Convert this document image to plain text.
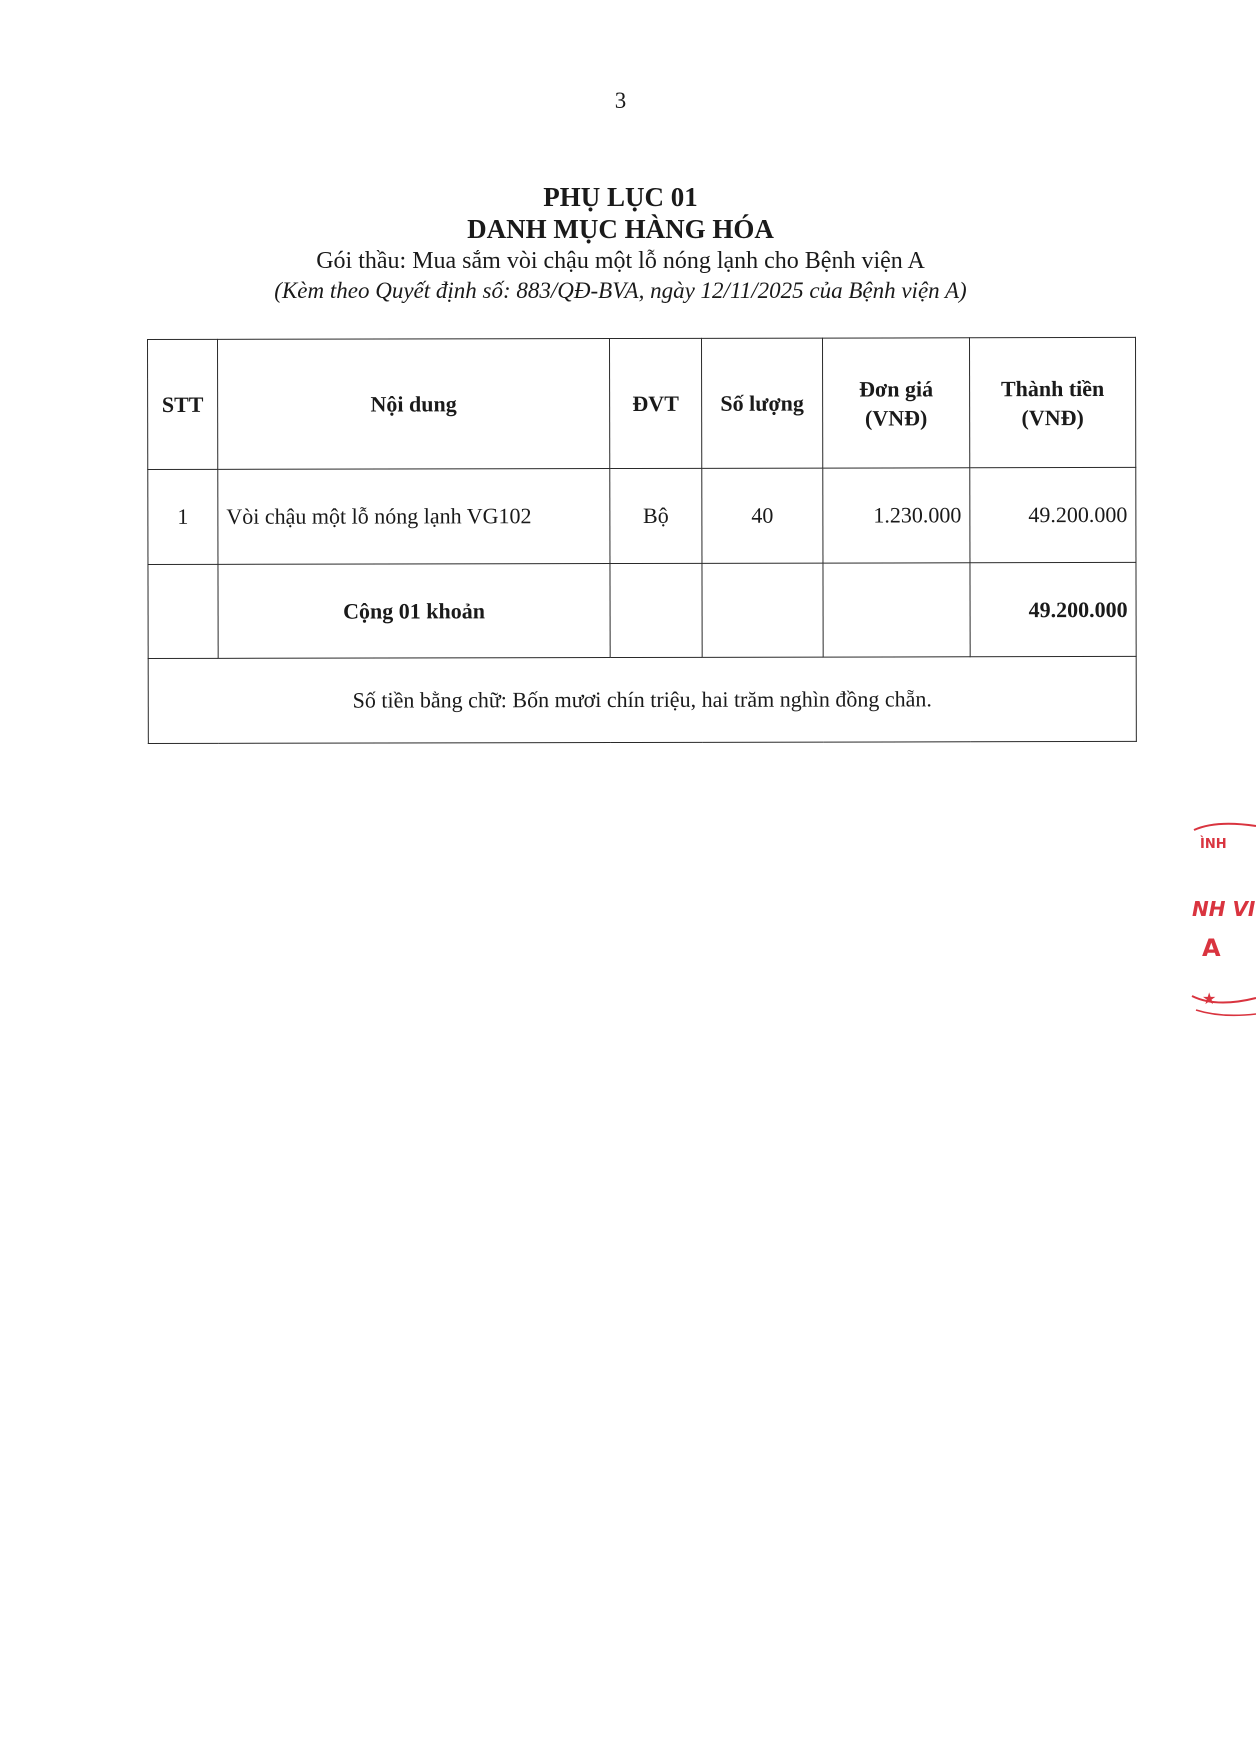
3
PHỤ LỤC 01
DANH MỤC HÀNG HÓA
Gói thầu: Mua sắm vòi chậu một lỗ nóng lạnh cho Bệnh viện A
(Kèm theo Quyết định số: 883/QĐ-BVA, ngày 12/11/2025 của Bệnh viện A)
STT	Nội dung	ĐVT	Số lượng	Đơn giá (VNĐ)	Thành tiền (VNĐ)
1	Vòi chậu một lỗ nóng lạnh VG102	Bộ	40	1.230.000	49.200.000
	Cộng 01 khoản				49.200.000
Số tiền bằng chữ: Bốn mươi chín triệu, hai trăm nghìn đồng chẵn.					
ÌNH
NH VI
A
★
